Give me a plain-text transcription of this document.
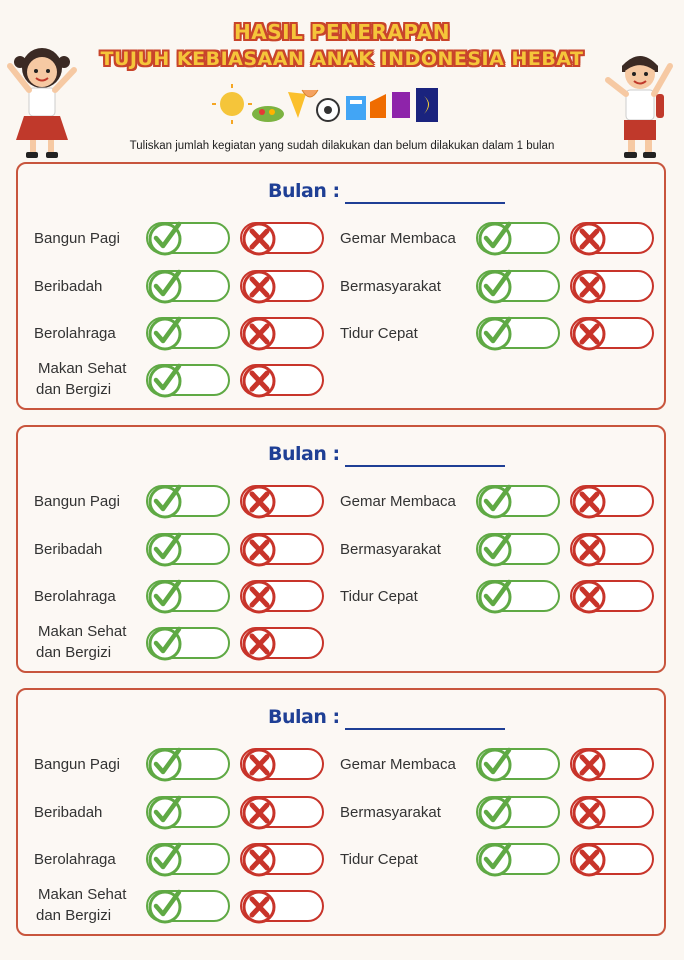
HASIL PENERAPAN
TUJUH KEBIASAAN ANAK INDONESIA HEBAT
Tuliskan jumlah kegiatan yang sudah dilakukan dan belum dilakukan dalam 1 bulan
Bulan :
Bangun Pagi
Beribadah
Berolahraga
Makan Sehat
dan Bergizi
Gemar Membaca
Bermasyarakat
Tidur Cepat
Bulan :
Bangun Pagi
Beribadah
Berolahraga
Makan Sehat
dan Bergizi
Gemar Membaca
Bermasyarakat
Tidur Cepat
Bulan :
Bangun Pagi
Beribadah
Berolahraga
Makan Sehat
dan Bergizi
Gemar Membaca
Bermasyarakat
Tidur Cepat
